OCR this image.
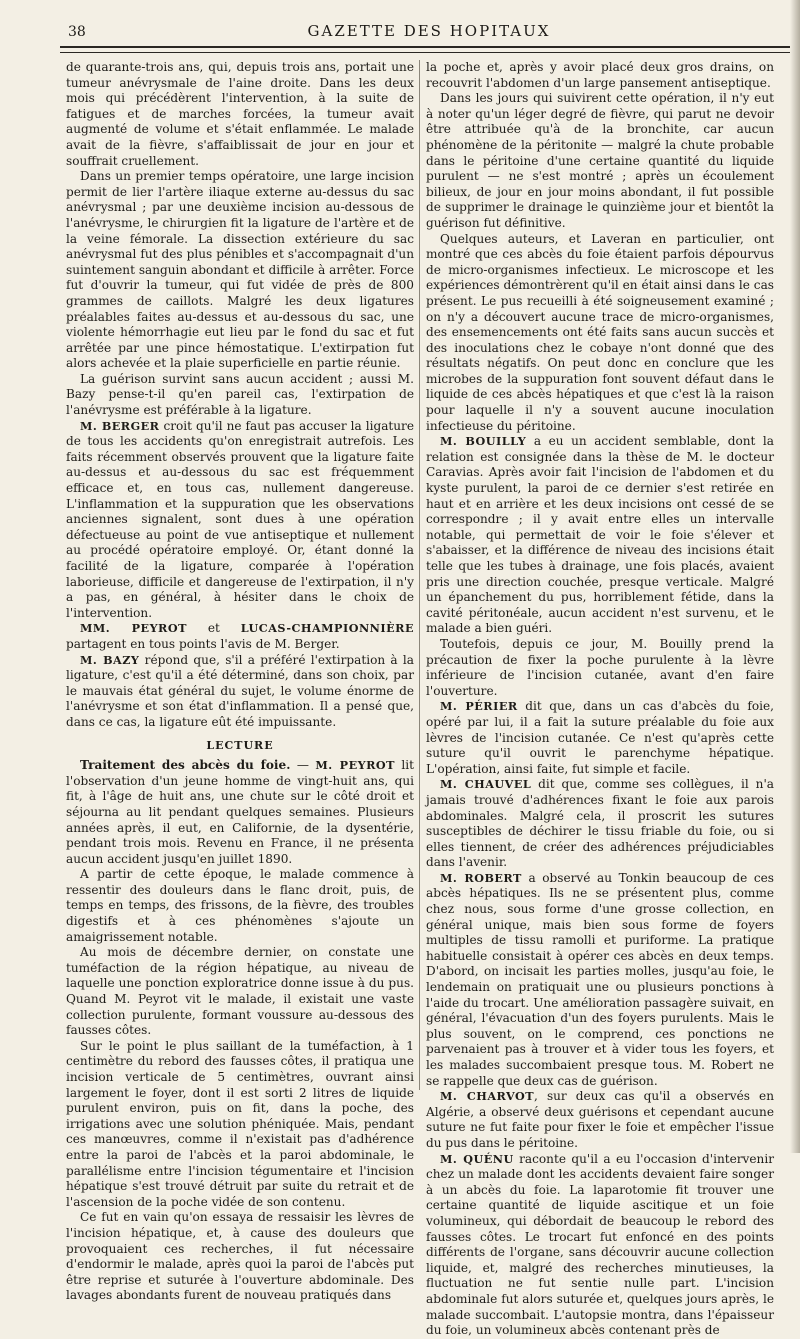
38	GAZETTE DES HOPITAUX

de quarante-trois ans, qui, depuis trois ans, portait une tumeur anévrysmale de l'aine droite. Dans les deux mois qui précédèrent l'intervention, à la suite de fatigues et de marches forcées, la tumeur avait augmenté de volume et s'était enflammée. Le malade avait de la fièvre, s'affaiblissait de jour en jour et souffrait cruellement.

Dans un premier temps opératoire, une large incision permit de lier l'artère iliaque externe au-dessus du sac anévrysmal ; par une deuxième incision au-dessous de l'anévrysme, le chirurgien fit la ligature de l'artère et de la veine fémorale. La dissection extérieure du sac anévrysmal fut des plus pénibles et s'accompagnait d'un suintement sanguin abondant et difficile à arrêter. Force fut d'ouvrir la tumeur, qui fut vidée de près de 800 grammes de caillots. Malgré les deux ligatures préalables faites au-dessus et au-dessous du sac, une violente hémorrhagie eut lieu par le fond du sac et fut arrêtée par une pince hémostatique. L'extirpation fut alors achevée et la plaie superficielle en partie réunie.

La guérison survint sans aucun accident ; aussi M. Bazy pense-t-il qu'en pareil cas, l'extirpation de l'anévrysme est préférable à la ligature.

M. BERGER croit qu'il ne faut pas accuser la ligature de tous les accidents qu'on enregistrait autrefois. Les faits récemment observés prouvent que la ligature faite au-dessus et au-dessous du sac est fréquemment efficace et, en tous cas, nullement dangereuse. L'inflammation et la suppuration que les observations anciennes signalent, sont dues à une opération défectueuse au point de vue antiseptique et nullement au procédé opératoire employé. Or, étant donné la facilité de la ligature, comparée à l'opération laborieuse, difficile et dangereuse de l'extirpation, il n'y a pas, en général, à hésiter dans le choix de l'intervention.

MM. PEYROT et LUCAS-CHAMPIONNIÈRE partagent en tous points l'avis de M. Berger.

M. BAZY répond que, s'il a préféré l'extirpation à la ligature, c'est qu'il a été déterminé, dans son choix, par le mauvais état général du sujet, le volume énorme de l'anévrysme et son état d'inflammation. Il a pensé que, dans ce cas, la ligature eût été impuissante.

LECTURE

Traitement des abcès du foie. — M. PEYROT lit l'observation d'un jeune homme de vingt-huit ans, qui fit, à l'âge de huit ans, une chute sur le côté droit et séjourna au lit pendant quelques semaines. Plusieurs années après, il eut, en Californie, de la dysentérie, pendant trois mois. Revenu en France, il ne présenta aucun accident jusqu'en juillet 1890.

A partir de cette époque, le malade commence à ressentir des douleurs dans le flanc droit, puis, de temps en temps, des frissons, de la fièvre, des troubles digestifs et à ces phénomènes s'ajoute un amaigrissement notable.

Au mois de décembre dernier, on constate une tuméfaction de la région hépatique, au niveau de laquelle une ponction exploratrice donne issue à du pus. Quand M. Peyrot vit le malade, il existait une vaste collection purulente, formant voussure au-dessous des fausses côtes.

Sur le point le plus saillant de la tuméfaction, à 1 centimètre du rebord des fausses côtes, il pratiqua une incision verticale de 5 centimètres, ouvrant ainsi largement le foyer, dont il est sorti 2 litres de liquide purulent environ, puis on fit, dans la poche, des irrigations avec une solution phéniquée. Mais, pendant ces manœuvres, comme il n'existait pas d'adhérence entre la paroi de l'abcès et la paroi abdominale, le parallélisme entre l'incision tégumentaire et l'incision hépatique s'est trouvé détruit par suite du retrait et de l'ascension de la poche vidée de son contenu.

Ce fut en vain qu'on essaya de ressaisir les lèvres de l'incision hépatique, et, à cause des douleurs que provoquaient ces recherches, il fut nécessaire d'endormir le malade, après quoi la paroi de l'abcès put être reprise et suturée à l'ouverture abdominale. Des lavages abondants furent de nouveau pratiqués dans

la poche et, après y avoir placé deux gros drains, on recouvrit l'abdomen d'un large pansement antiseptique.

Dans les jours qui suivirent cette opération, il n'y eut à noter qu'un léger degré de fièvre, qui parut ne devoir être attribuée qu'à de la bronchite, car aucun phénomène de la péritonite — malgré la chute probable dans le péritoine d'une certaine quantité du liquide purulent — ne s'est montré ; après un écoulement bilieux, de jour en jour moins abondant, il fut possible de supprimer le drainage le quinzième jour et bientôt la guérison fut définitive.

Quelques auteurs, et Laveran en particulier, ont montré que ces abcès du foie étaient parfois dépourvus de micro-organismes infectieux. Le microscope et les expériences démontrèrent qu'il en était ainsi dans le cas présent. Le pus recueilli à été soigneusement examiné ; on n'y a découvert aucune trace de micro-organismes, des ensemencements ont été faits sans aucun succès et des inoculations chez le cobaye n'ont donné que des résultats négatifs. On peut donc en conclure que les microbes de la suppuration font souvent défaut dans le liquide de ces abcès hépatiques et que c'est là la raison pour laquelle il n'y a souvent aucune inoculation infectieuse du péritoine.

M. BOUILLY a eu un accident semblable, dont la relation est consignée dans la thèse de M. le docteur Caravias. Après avoir fait l'incision de l'abdomen et du kyste purulent, la paroi de ce dernier s'est retirée en haut et en arrière et les deux incisions ont cessé de se correspondre ; il y avait entre elles un intervalle notable, qui permettait de voir le foie s'élever et s'abaisser, et la différence de niveau des incisions était telle que les tubes à drainage, une fois placés, avaient pris une direction couchée, presque verticale. Malgré un épanchement du pus, horriblement fétide, dans la cavité péritonéale, aucun accident n'est survenu, et le malade a bien guéri.

Toutefois, depuis ce jour, M. Bouilly prend la précaution de fixer la poche purulente à la lèvre inférieure de l'incision cutanée, avant d'en faire l'ouverture.

M. PÉRIER dit que, dans un cas d'abcès du foie, opéré par lui, il a fait la suture préalable du foie aux lèvres de l'incision cutanée. Ce n'est qu'après cette suture qu'il ouvrit le parenchyme hépatique. L'opération, ainsi faite, fut simple et facile.

M. CHAUVEL dit que, comme ses collègues, il n'a jamais trouvé d'adhérences fixant le foie aux parois abdominales. Malgré cela, il proscrit les sutures susceptibles de déchirer le tissu friable du foie, ou si elles tiennent, de créer des adhérences préjudiciables dans l'avenir.

M. ROBERT a observé au Tonkin beaucoup de ces abcès hépatiques. Ils ne se présentent plus, comme chez nous, sous forme d'une grosse collection, en général unique, mais bien sous forme de foyers multiples de tissu ramolli et puriforme. La pratique habituelle consistait à opérer ces abcès en deux temps. D'abord, on incisait les parties molles, jusqu'au foie, le lendemain on pratiquait une ou plusieurs ponctions à l'aide du trocart. Une amélioration passagère suivait, en général, l'évacuation d'un des foyers purulents. Mais le plus souvent, on le comprend, ces ponctions ne parvenaient pas à trouver et à vider tous les foyers, et les malades succombaient presque tous. M. Robert ne se rappelle que deux cas de guérison.

M. CHARVOT, sur deux cas qu'il a observés en Algérie, a observé deux guérisons et cependant aucune suture ne fut faite pour fixer le foie et empêcher l'issue du pus dans le péritoine.

M. QUÉNU raconte qu'il a eu l'occasion d'intervenir chez un malade dont les accidents devaient faire songer à un abcès du foie. La laparotomie fit trouver une certaine quantité de liquide ascitique et un foie volumineux, qui débordait de beaucoup le rebord des fausses côtes. Le trocart fut enfoncé en des points différents de l'organe, sans découvrir aucune collection liquide, et, malgré des recherches minutieuses, la fluctuation ne fut sentie nulle part. L'incision abdominale fut alors suturée et, quelques jours après, le malade succombait. L'autopsie montra, dans l'épaisseur du foie, un volumineux abcès contenant près de
